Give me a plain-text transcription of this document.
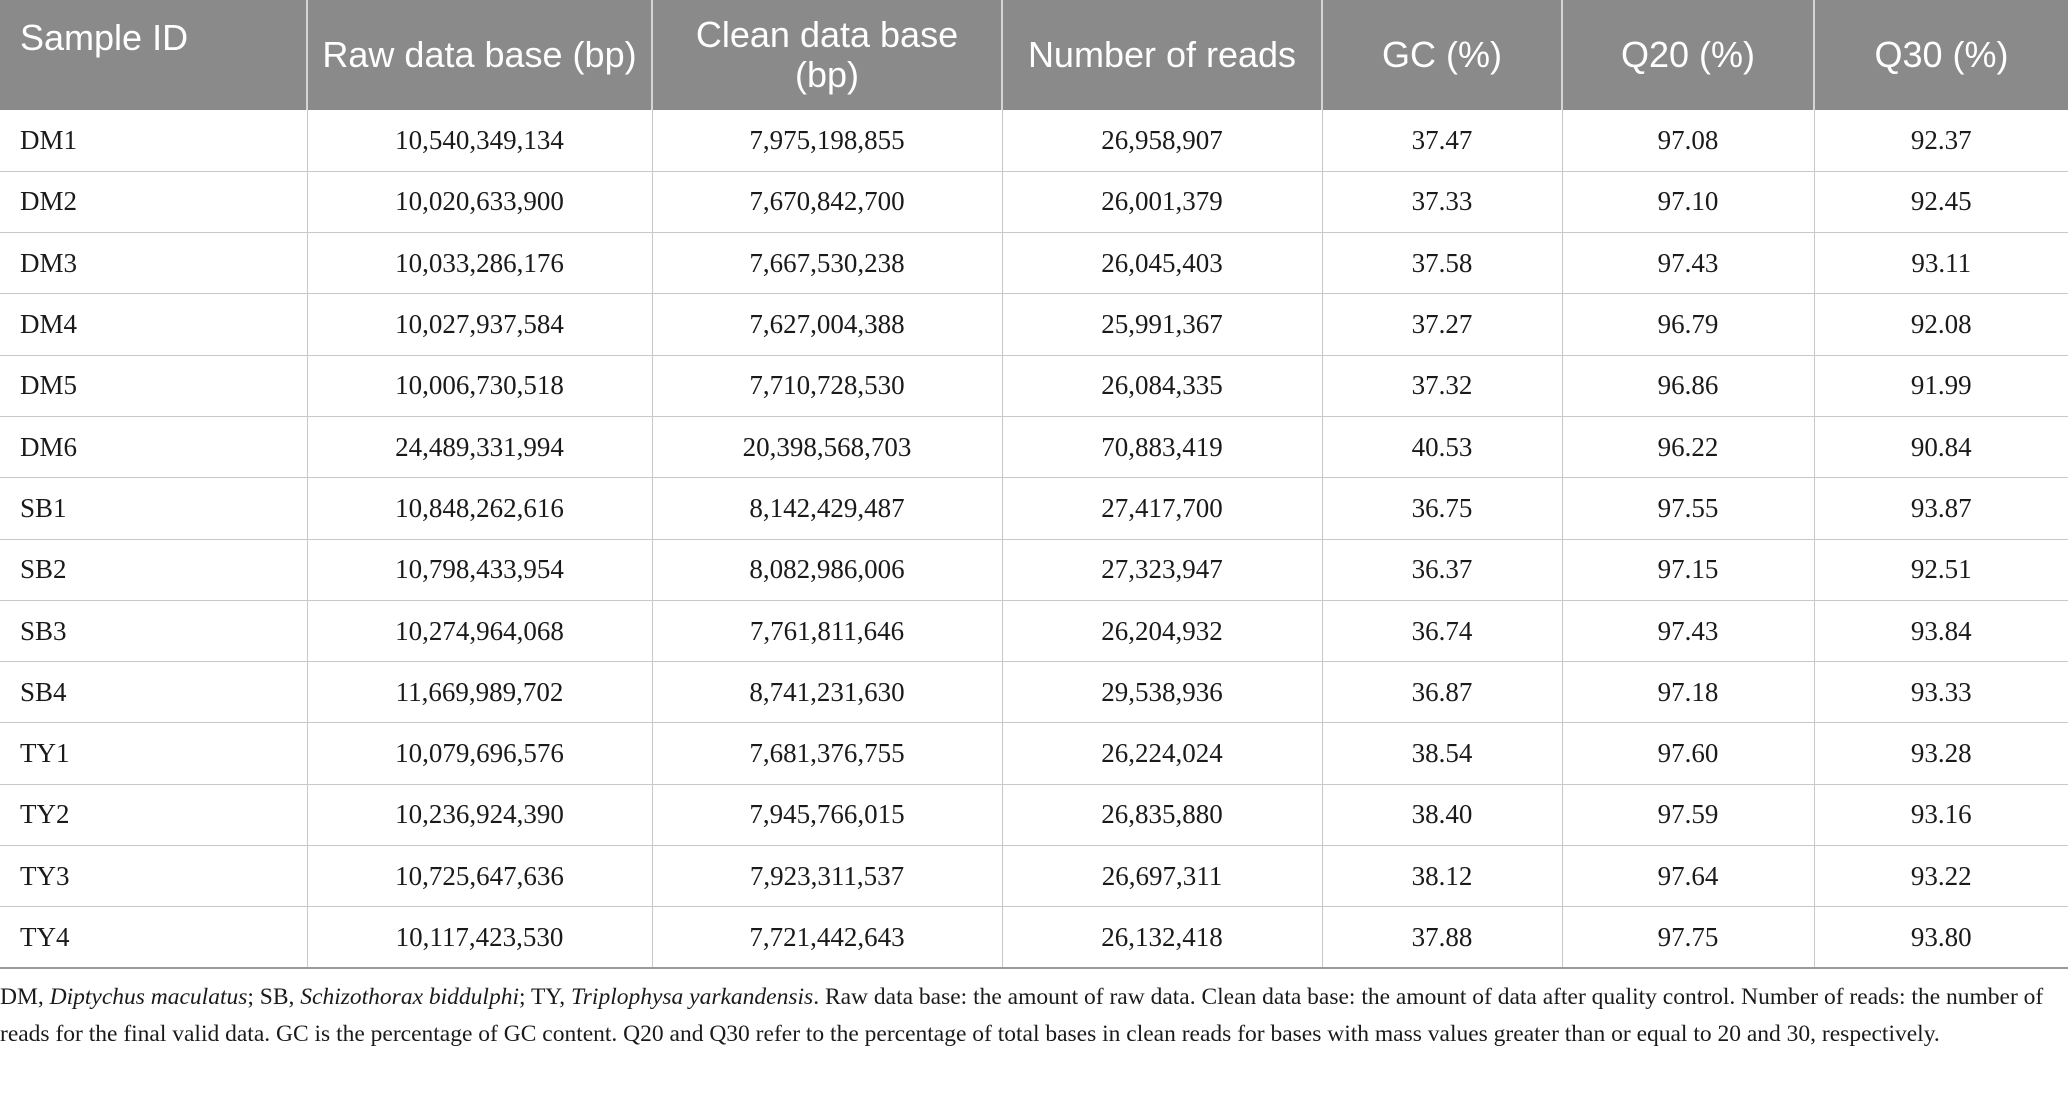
Sample ID	Raw data base (bp)	Clean data base (bp)	Number of reads	GC (%)	Q20 (%)	Q30 (%)
DM1	10,540,349,134	7,975,198,855	26,958,907	37.47	97.08	92.37
DM2	10,020,633,900	7,670,842,700	26,001,379	37.33	97.10	92.45
DM3	10,033,286,176	7,667,530,238	26,045,403	37.58	97.43	93.11
DM4	10,027,937,584	7,627,004,388	25,991,367	37.27	96.79	92.08
DM5	10,006,730,518	7,710,728,530	26,084,335	37.32	96.86	91.99
DM6	24,489,331,994	20,398,568,703	70,883,419	40.53	96.22	90.84
SB1	10,848,262,616	8,142,429,487	27,417,700	36.75	97.55	93.87
SB2	10,798,433,954	8,082,986,006	27,323,947	36.37	97.15	92.51
SB3	10,274,964,068	7,761,811,646	26,204,932	36.74	97.43	93.84
SB4	11,669,989,702	8,741,231,630	29,538,936	36.87	97.18	93.33
TY1	10,079,696,576	7,681,376,755	26,224,024	38.54	97.60	93.28
TY2	10,236,924,390	7,945,766,015	26,835,880	38.40	97.59	93.16
TY3	10,725,647,636	7,923,311,537	26,697,311	38.12	97.64	93.22
TY4	10,117,423,530	7,721,442,643	26,132,418	37.88	97.75	93.80

DM, Diptychus maculatus; SB, Schizothorax biddulphi; TY, Triplophysa yarkandensis. Raw data base: the amount of raw data. Clean data base: the amount of data after quality control. Number of reads: the number of reads for the final valid data. GC is the percentage of GC content. Q20 and Q30 refer to the percentage of total bases in clean reads for bases with mass values greater than or equal to 20 and 30, respectively.
